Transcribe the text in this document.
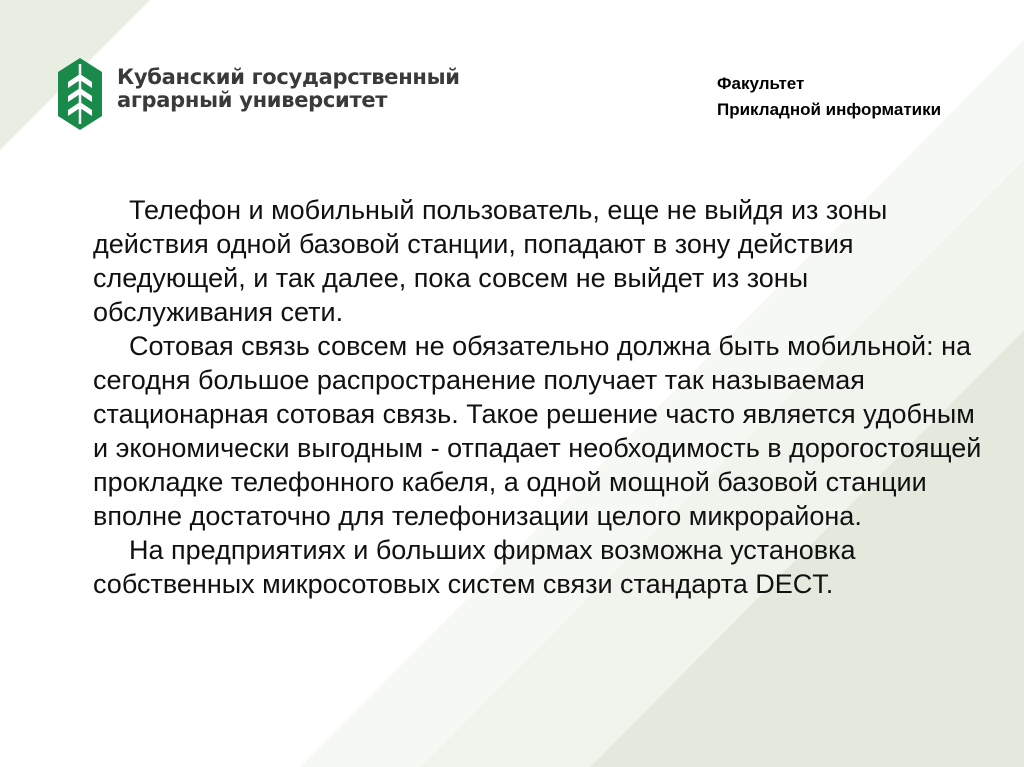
Кубанский государственный
аграрный университет
Факультет
Прикладной информатики

Телефон и мобильный пользователь, еще не выйдя из зоны действия одной базовой станции, попадают в зону действия следующей, и так далее, пока совсем не выйдет из зоны обслуживания сети.

Сотовая связь совсем не обязательно должна быть мобильной: на сегодня большое распространение получает так называемая стационарная сотовая связь. Такое решение часто является удобным и экономически выгодным - отпадает необходимость в дорогостоящей прокладке телефонного кабеля, а одной мощной базовой станции вполне достаточно для телефонизации целого микрорайона.

На предприятиях и больших фирмах возможна установка собственных микросотовых систем связи стандарта DECT.
